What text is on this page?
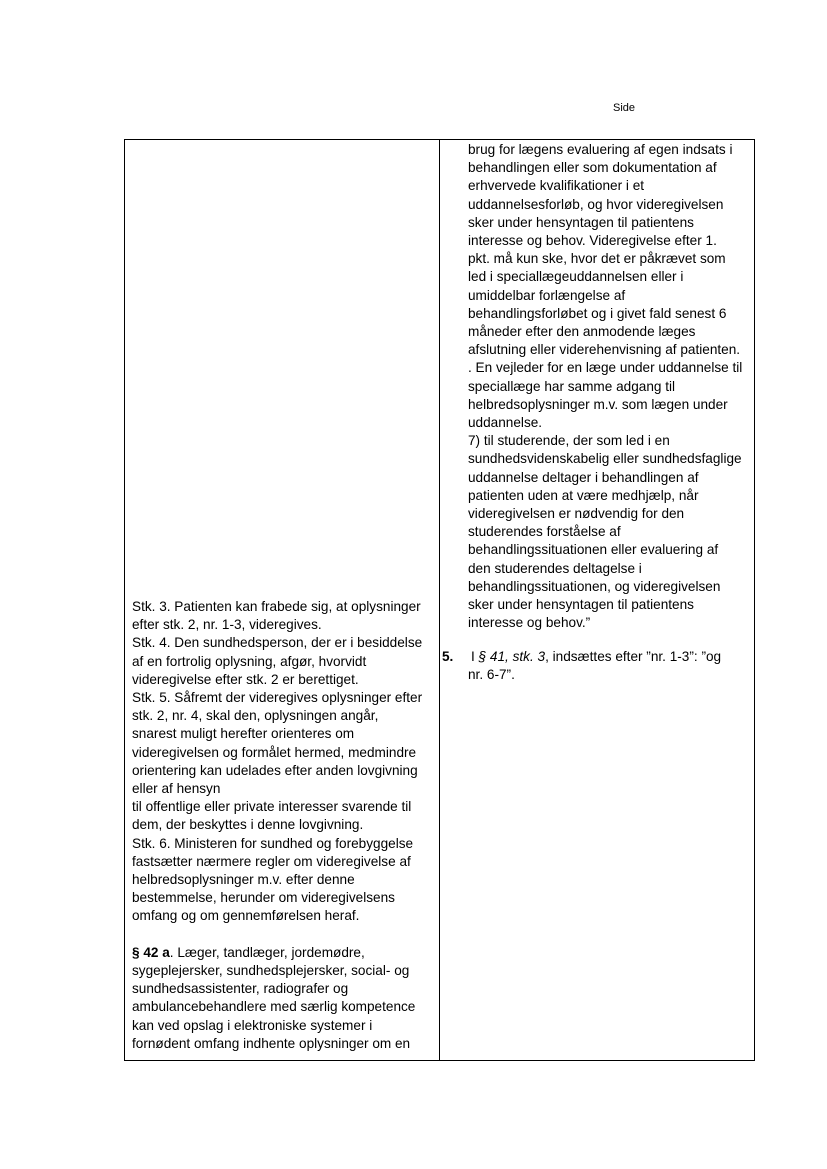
Side
Stk. 3. Patienten kan frabede sig, at oplysninger
efter stk. 2, nr. 1-3, videregives.
Stk. 4. Den sundhedsperson, der er i besiddelse
af en fortrolig oplysning, afgør, hvorvidt
videregivelse efter stk. 2 er berettiget.
Stk. 5. Såfremt der videregives oplysninger efter
stk. 2, nr. 4, skal den, oplysningen angår,
snarest muligt herefter orienteres om
videregivelsen og formålet hermed, medmindre
orientering kan udelades efter anden lovgivning
eller af hensyn
til offentlige eller private interesser svarende til
dem, der beskyttes i denne lovgivning.
Stk. 6. Ministeren for sundhed og forebyggelse
fastsætter nærmere regler om videregivelse af
helbredsoplysninger m.v. efter denne
bestemmelse, herunder om videregivelsens
omfang og om gennemførelsen heraf.
§ 42 a. Læger, tandlæger, jordemødre,
sygeplejersker, sundhedsplejersker, social- og
sundhedsassistenter, radiografer og
ambulancebehandlere med særlig kompetence
kan ved opslag i elektroniske systemer i
fornødent omfang indhente oplysninger om en
brug for lægens evaluering af egen indsats i
behandlingen eller som dokumentation af
erhvervede kvalifikationer i et
uddannelsesforløb, og hvor videregivelsen
sker under hensyntagen til patientens
interesse og behov. Videregivelse efter 1.
pkt. må kun ske, hvor det er påkrævet som
led i speciallægeuddannelsen eller i
umiddelbar forlængelse af
behandlingsforløbet og i givet fald senest 6
måneder efter den anmodende læges
afslutning eller viderehenvisning af patienten.
. En vejleder for en læge under uddannelse til
speciallæge har samme adgang til
helbredsoplysninger m.v. som lægen under
uddannelse.
7) til studerende, der som led i en
sundhedsvidenskabelig eller sundhedsfaglige
uddannelse deltager i behandlingen af
patienten uden at være medhjælp, når
videregivelsen er nødvendig for den
studerendes forståelse af
behandlingssituationen eller evaluering af
den studerendes deltagelse i
behandlingssituationen, og videregivelsen
sker under hensyntagen til patientens
interesse og behov.”
5. I § 41, stk. 3, indsættes efter ”nr. 1-3”: ”og
nr. 6-7”.
